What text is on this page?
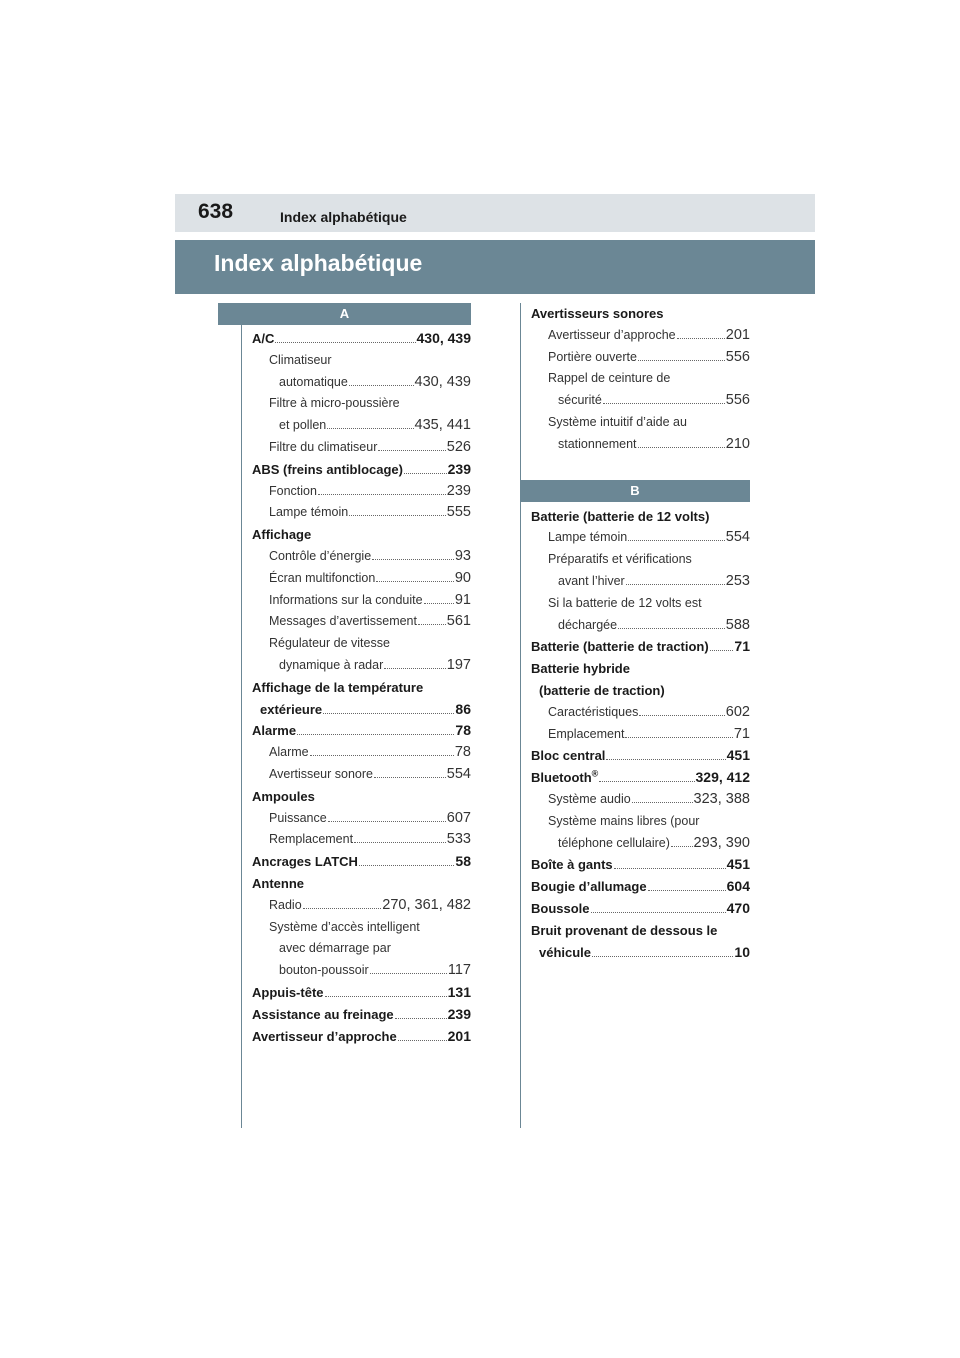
638	Index alphabétique
Index alphabétique
A
A/C	430, 439
Climatiseur
automatique	430, 439
Filtre à micro-poussière
et pollen	435, 441
Filtre du climatiseur	526
ABS (freins antiblocage)	239
Fonction	239
Lampe témoin	555
Affichage
Contrôle d’énergie	93
Écran multifonction	90
Informations sur la conduite 91
Messages d’avertissement 561
Régulateur de vitesse
dynamique à radar	197
Affichage de la température
extérieure	86
Alarme	78
Alarme	78
Avertisseur sonore	554
Ampoules
Puissance	607
Remplacement	533
Ancrages LATCH	58
Antenne
Radio	270, 361, 482
Système d’accès intelligent
avec démarrage par
bouton-poussoir	117
Appuis-tête	131
Assistance au freinage	239
Avertisseur d’approche	201
Avertisseurs sonores
Avertisseur d’approche	201
Portière ouverte	556
Rappel de ceinture de
sécurité	556
Système intuitif d’aide au
stationnement	210
B
Batterie (batterie de 12 volts)
Lampe témoin	554
Préparatifs et vérifications
avant l’hiver	253
Si la batterie de 12 volts est
déchargée	588
Batterie (batterie de traction) 71
Batterie hybride
(batterie de traction)
Caractéristiques	602
Emplacement	71
Bloc central	451
Bluetooth®	329, 412
Système audio	323, 388
Système mains libres (pour
téléphone cellulaire) 293, 390
Boîte à gants	451
Bougie d’allumage	604
Boussole	470
Bruit provenant de dessous le
véhicule	10
